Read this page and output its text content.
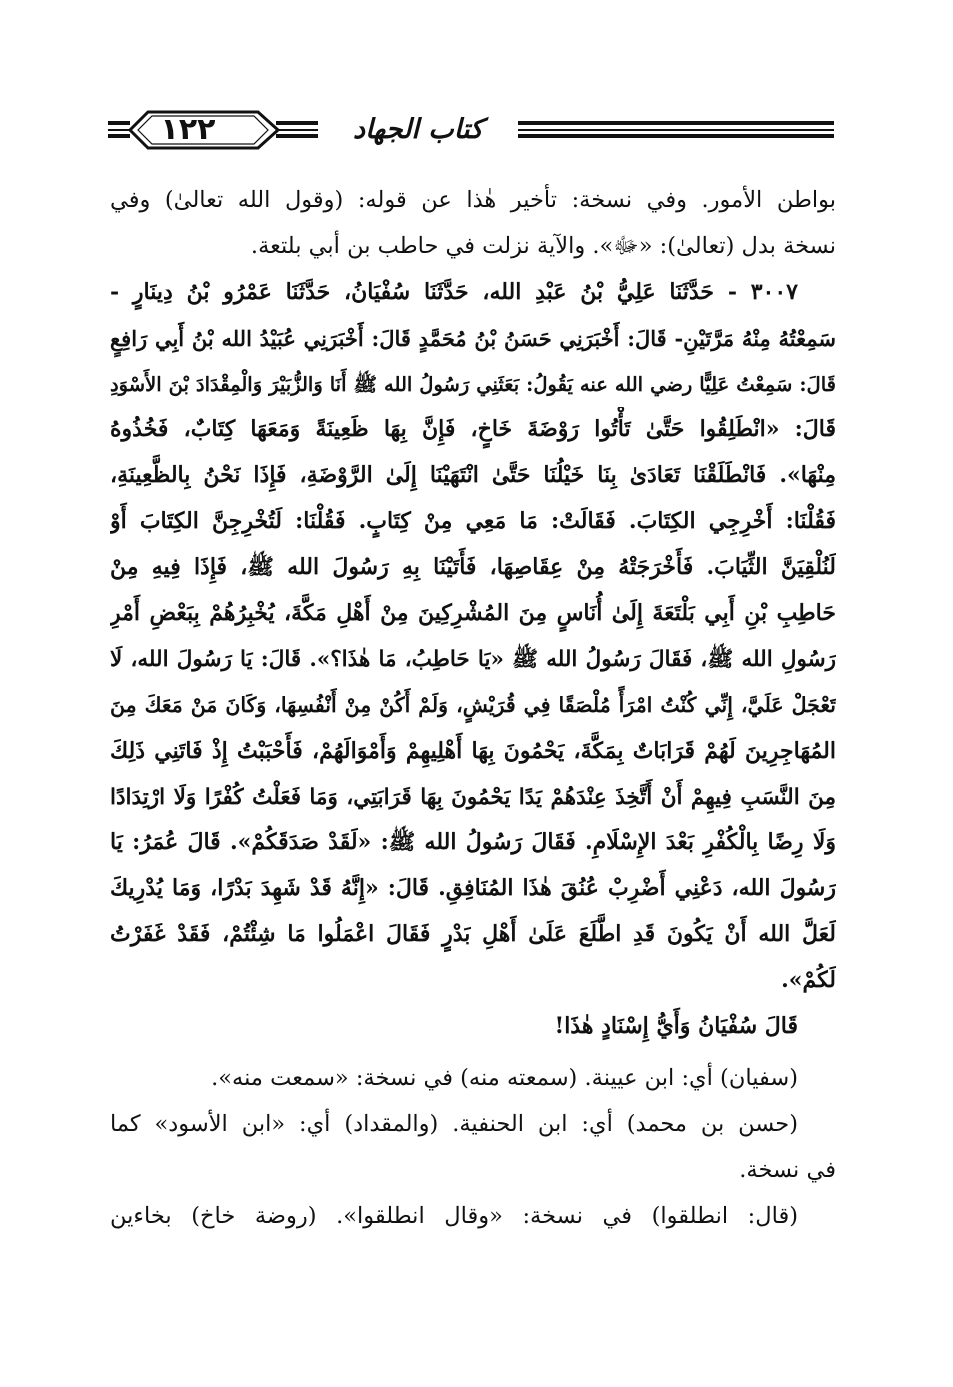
١٢٢	كتاب الجهاد
بواطن الأمور. وفي نسخة: تأخير هٰذا عن قوله: (وقول الله تعالىٰ) وفي
نسخة بدل (تعالىٰ): «ﷻ». والآية نزلت في حاطب بن أبي بلتعة.
٣٠٠٧ - حَدَّثَنَا عَلِيُّ بْنُ عَبْدِ الله، حَدَّثَنَا سُفْيَانُ، حَدَّثَنَا عَمْرُو بْنُ دِينَارٍ -
سَمِعْتُهُ مِنْهُ مَرَّتَيْنِ- قَالَ: أَخْبَرَنِي حَسَنُ بْنُ مُحَمَّدٍ قَالَ: أَخْبَرَنِي عُبَيْدُ الله بْنُ أَبِي رَافِعٍ
قَالَ: سَمِعْتُ عَلِيًّا رضي الله عنه يَقُولُ: بَعَثَنِي رَسُولُ الله ﷺ أَنَا وَالزُّبَيْرَ وَالْمِقْدَادَ بْنَ الأَسْوَدِ
قَالَ: «انْطَلِقُوا حَتَّىٰ تَأْتُوا رَوْضَةَ خَاخٍ، فَإِنَّ بِهَا ظَعِينَةً وَمَعَهَا كِتَابٌ، فَخُذُوهُ
مِنْهَا». فَانْطَلَقْنَا تَعَادَىٰ بِنَا خَيْلُنَا حَتَّىٰ انْتَهَيْنَا إِلَىٰ الرَّوْضَةِ، فَإِذَا نَحْنُ بِالظَّعِينَةِ،
فَقُلْنَا: أَخْرِجِي الكِتَابَ. فَقَالَتْ: مَا مَعِي مِنْ كِتَابٍ. فَقُلْنَا: لَتُخْرِجِنَّ الكِتَابَ أَوْ
لَنُلْقِيَنَّ الثِّيَابَ. فَأَخْرَجَتْهُ مِنْ عِقَاصِهَا، فَأَتَيْنَا بِهِ رَسُولَ الله ﷺ، فَإِذَا فِيهِ مِنْ
حَاطِبِ بْنِ أَبِي بَلْتَعَةَ إِلَىٰ أُنَاسٍ مِنَ المُشْرِكِينَ مِنْ أَهْلِ مَكَّةَ، يُخْبِرُهُمْ بِبَعْضِ أَمْرِ
رَسُولِ الله ﷺ، فَقَالَ رَسُولُ الله ﷺ «يَا حَاطِبُ، مَا هٰذَا؟». قَالَ: يَا رَسُولَ الله، لَا
تَعْجَلْ عَلَيَّ، إِنِّي كُنْتُ امْرَأً مُلْصَقًا فِي قُرَيْشٍ، وَلَمْ أَكُنْ مِنْ أَنْفُسِهَا، وَكَانَ مَنْ مَعَكَ مِنَ
المُهَاجِرِينَ لَهُمْ قَرَابَاتٌ بِمَكَّةَ، يَحْمُونَ بِهَا أَهْلِيهِمْ وَأَمْوَالَهُمْ، فَأَحْبَبْتُ إِذْ فَاتَنِي ذَلِكَ
مِنَ النَّسَبِ فِيهِمْ أَنْ أَتَّخِذَ عِنْدَهُمْ يَدًا يَحْمُونَ بِهَا قَرَابَتِي، وَمَا فَعَلْتُ كُفْرًا وَلَا ارْتِدَادًا
وَلَا رِضًا بِالْكُفْرِ بَعْدَ الإِسْلَامِ. فَقَالَ رَسُولُ الله ﷺ: «لَقَدْ صَدَقَكُمْ». قَالَ عُمَرُ: يَا
رَسُولَ الله، دَعْنِي أَضْرِبْ عُنُقَ هٰذَا المُنَافِقِ. قَالَ: «إِنَّهُ قَدْ شَهِدَ بَدْرًا، وَمَا يُدْرِيكَ
لَعَلَّ الله أَنْ يَكُونَ قَدِ اطَّلَعَ عَلَىٰ أَهْلِ بَدْرٍ فَقَالَ اعْمَلُوا مَا شِئْتُمْ، فَقَدْ غَفَرْتُ
لَكُمْ».
قَالَ سُفْيَانُ وَأَيُّ إِسْنَادٍ هٰذَا!
(سفيان) أي: ابن عيينة. (سمعته منه) في نسخة: «سمعت منه».
(حسن بن محمد) أي: ابن الحنفية. (والمقداد) أي: «ابن الأسود» كما
في نسخة.
(قال: انطلقوا) في نسخة: «وقال انطلقوا». (روضة خاخ) بخاءين
